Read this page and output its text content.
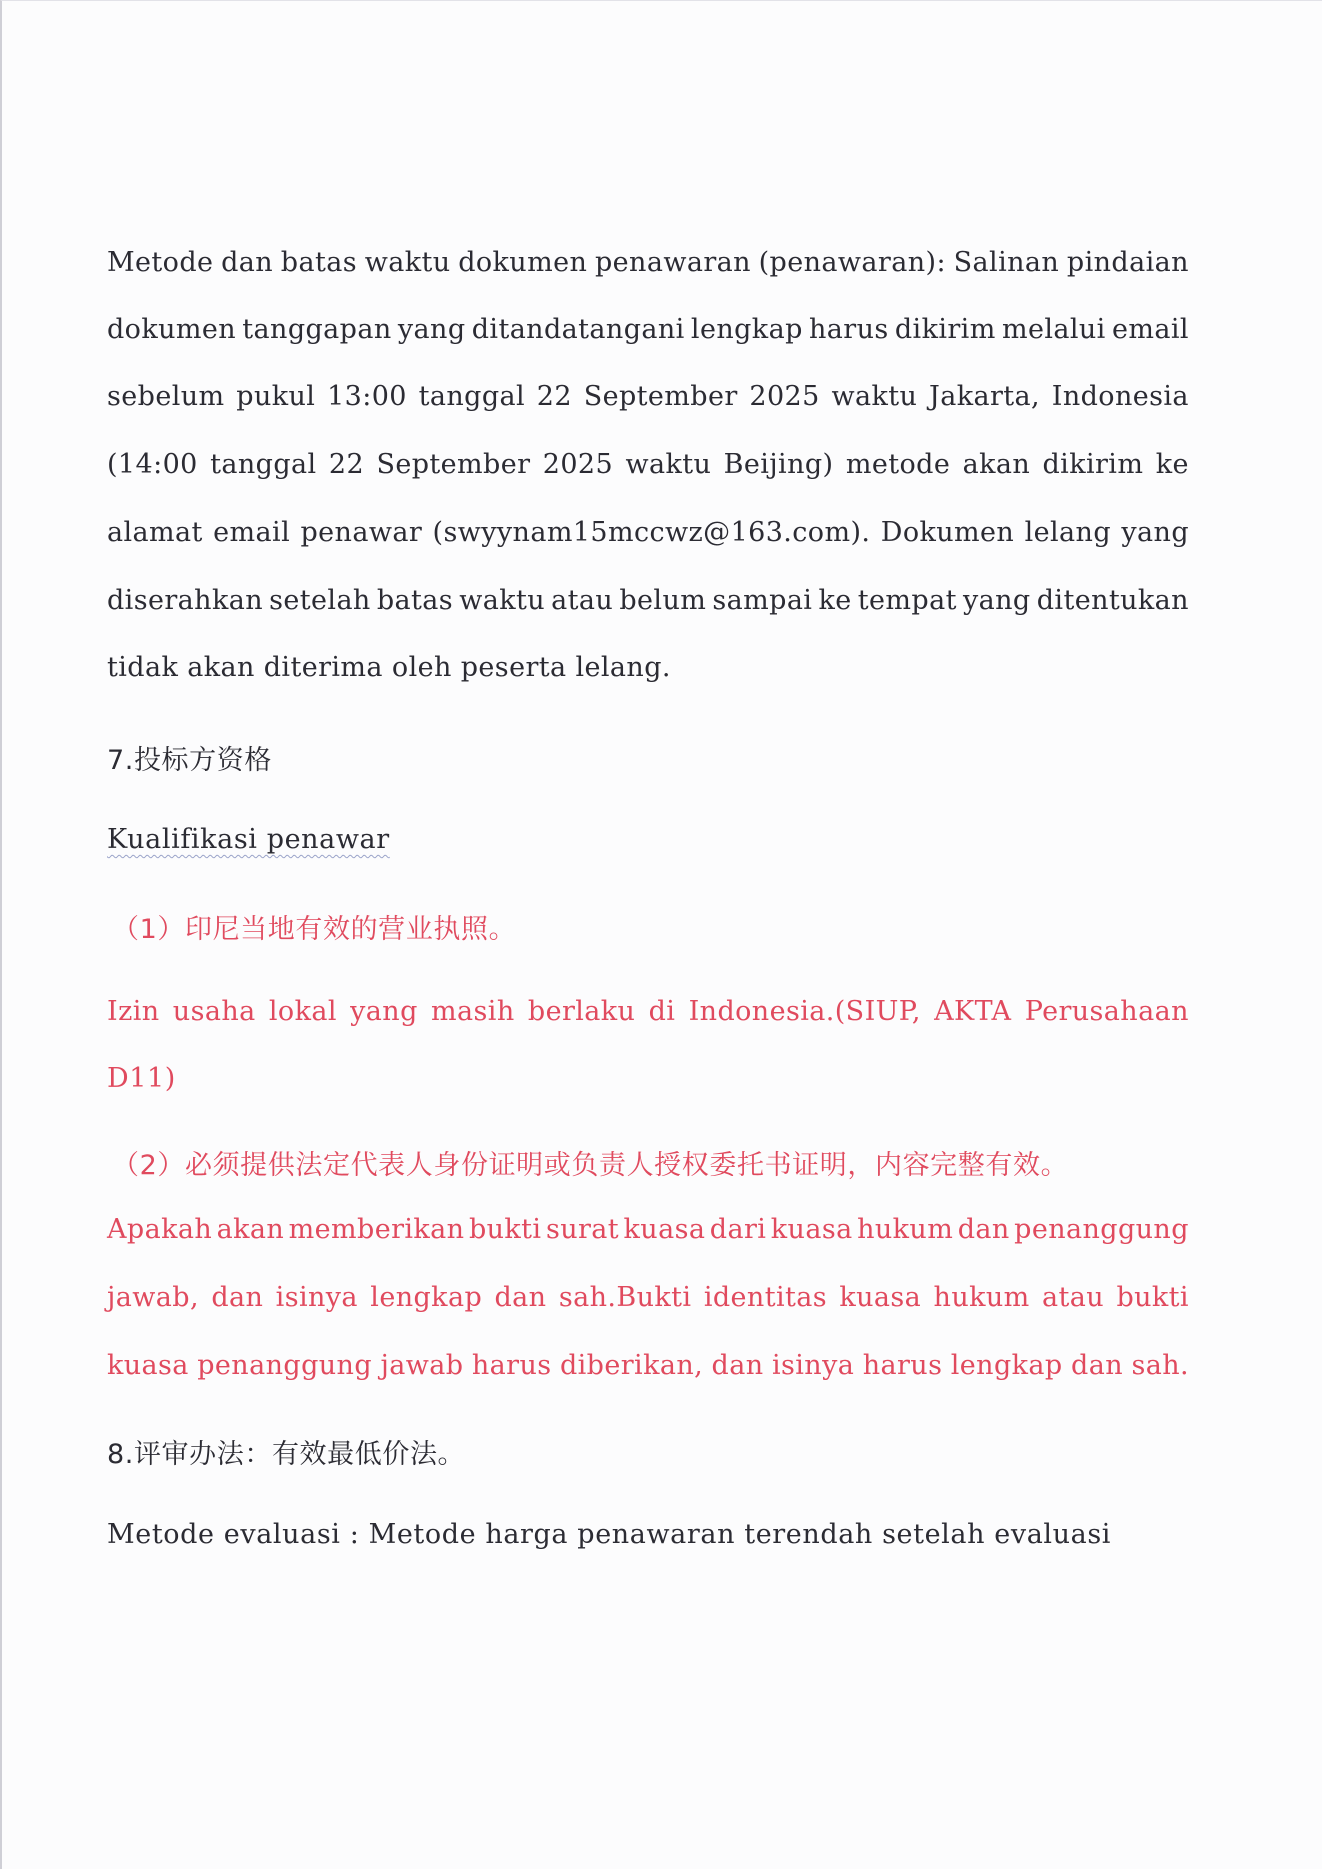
Metode dan batas waktu dokumen penawaran (penawaran): Salinan pindaian
dokumen tanggapan yang ditandatangani lengkap harus dikirim melalui email
sebelum pukul 13:00 tanggal 22 September 2025 waktu Jakarta, Indonesia
(14:00 tanggal 22 September 2025 waktu Beijing) metode akan dikirim ke
alamat email penawar (swyynam15mccwz@163.com). Dokumen lelang yang
diserahkan setelah batas waktu atau belum sampai ke tempat yang ditentukan
tidak akan diterima oleh peserta lelang.
7.投标方资格
Kualifikasi penawar
（1）印尼当地有效的营业执照。
Izin usaha lokal yang masih berlaku di Indonesia.(SIUP, AKTA Perusahaan
D11)
（2）必须提供法定代表人身份证明或负责人授权委托书证明，内容完整有效。
Apakah akan memberikan bukti surat kuasa dari kuasa hukum dan penanggung
jawab, dan isinya lengkap dan sah.Bukti identitas kuasa hukum atau bukti
kuasa penanggung jawab harus diberikan, dan isinya harus lengkap dan sah.
8.评审办法：有效最低价法。
Metode evaluasi : Metode harga penawaran terendah setelah evaluasi
